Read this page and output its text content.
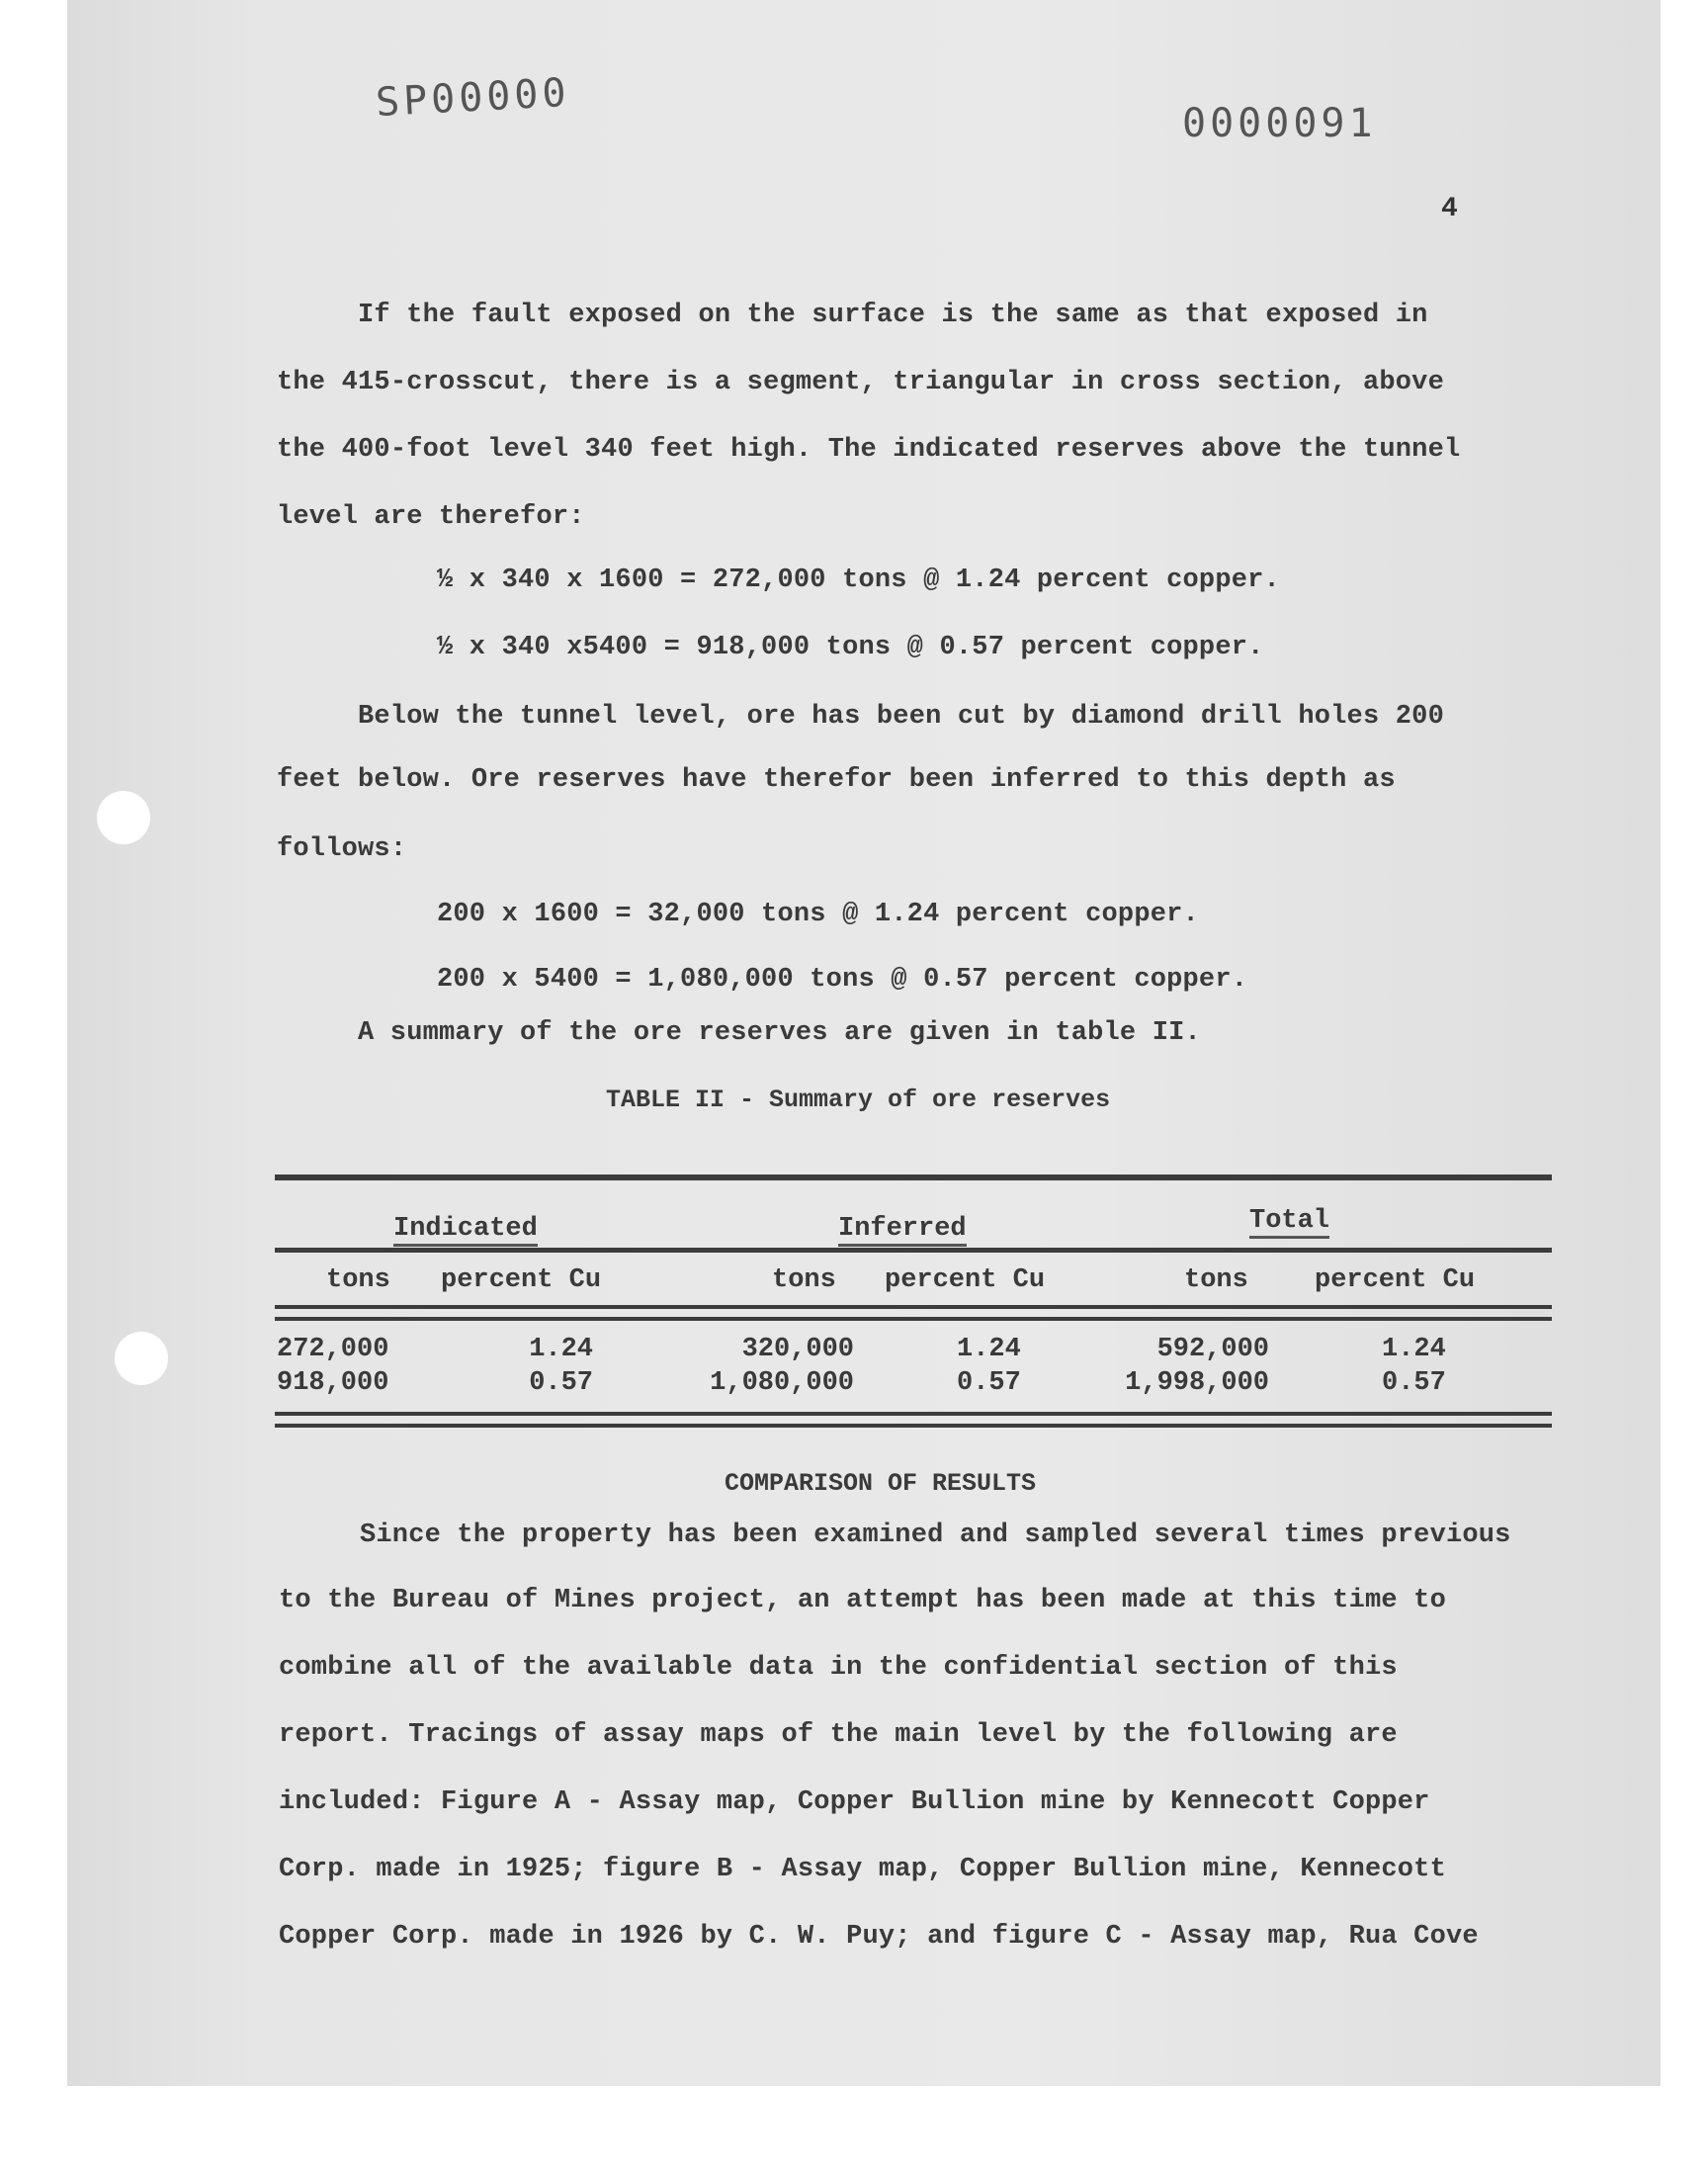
SP00000	0000091
4
If the fault exposed on the surface is the same as that exposed in
the 415-crosscut, there is a segment, triangular in cross section, above
the 400-foot level 340 feet high. The indicated reserves above the tunnel
level are therefor:
½ x 340 x 1600 = 272,000 tons @ 1.24 percent copper.
½ x 340 x5400 = 918,000 tons @ 0.57 percent copper.
Below the tunnel level, ore has been cut by diamond drill holes 200
feet below. Ore reserves have therefor been inferred to this depth as
follows:
200 x 1600 = 32,000 tons @ 1.24 percent copper.
200 x 5400 = 1,080,000 tons @ 0.57 percent copper.
A summary of the ore reserves are given in table II.
TABLE II - Summary of ore reserves
Indicated	Inferred	Total
tons percent Cu	tons percent Cu	tons percent Cu
272,000	1.24	320,000	1.24	592,000	1.24
918,000	0.57	1,080,000	0.57	1,998,000	0.57
COMPARISON OF RESULTS
Since the property has been examined and sampled several times previous
to the Bureau of Mines project, an attempt has been made at this time to
combine all of the available data in the confidential section of this
report. Tracings of assay maps of the main level by the following are
included: Figure A - Assay map, Copper Bullion mine by Kennecott Copper
Corp. made in 1925; figure B - Assay map, Copper Bullion mine, Kennecott
Copper Corp. made in 1926 by C. W. Puy; and figure C - Assay map, Rua Cove
